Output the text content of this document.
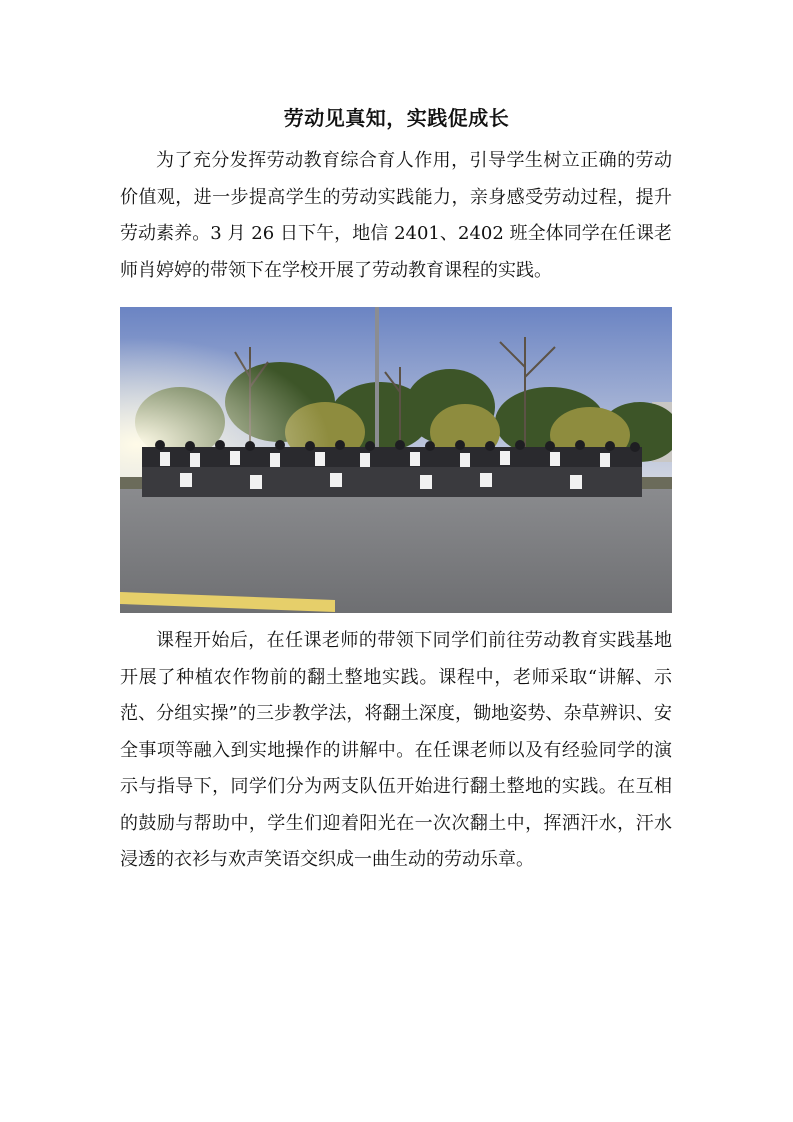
劳动见真知，实践促成长

为了充分发挥劳动教育综合育人作用，引导学生树立正确的劳动价值观，进一步提高学生的劳动实践能力，亲身感受劳动过程，提升劳动素养。3 月 26 日下午，地信 2401、2402 班全体同学在任课老师肖婷婷的带领下在学校开展了劳动教育课程的实践。

课程开始后，在任课老师的带领下同学们前往劳动教育实践基地开展了种植农作物前的翻土整地实践。课程中，老师采取“讲解、示范、分组实操”的三步教学法，将翻土深度，锄地姿势、杂草辨识、安全事项等融入到实地操作的讲解中。在任课老师以及有经验同学的演示与指导下，同学们分为两支队伍开始进行翻土整地的实践。在互相的鼓励与帮助中，学生们迎着阳光在一次次翻土中，挥洒汗水，汗水浸透的衣衫与欢声笑语交织成一曲生动的劳动乐章。
